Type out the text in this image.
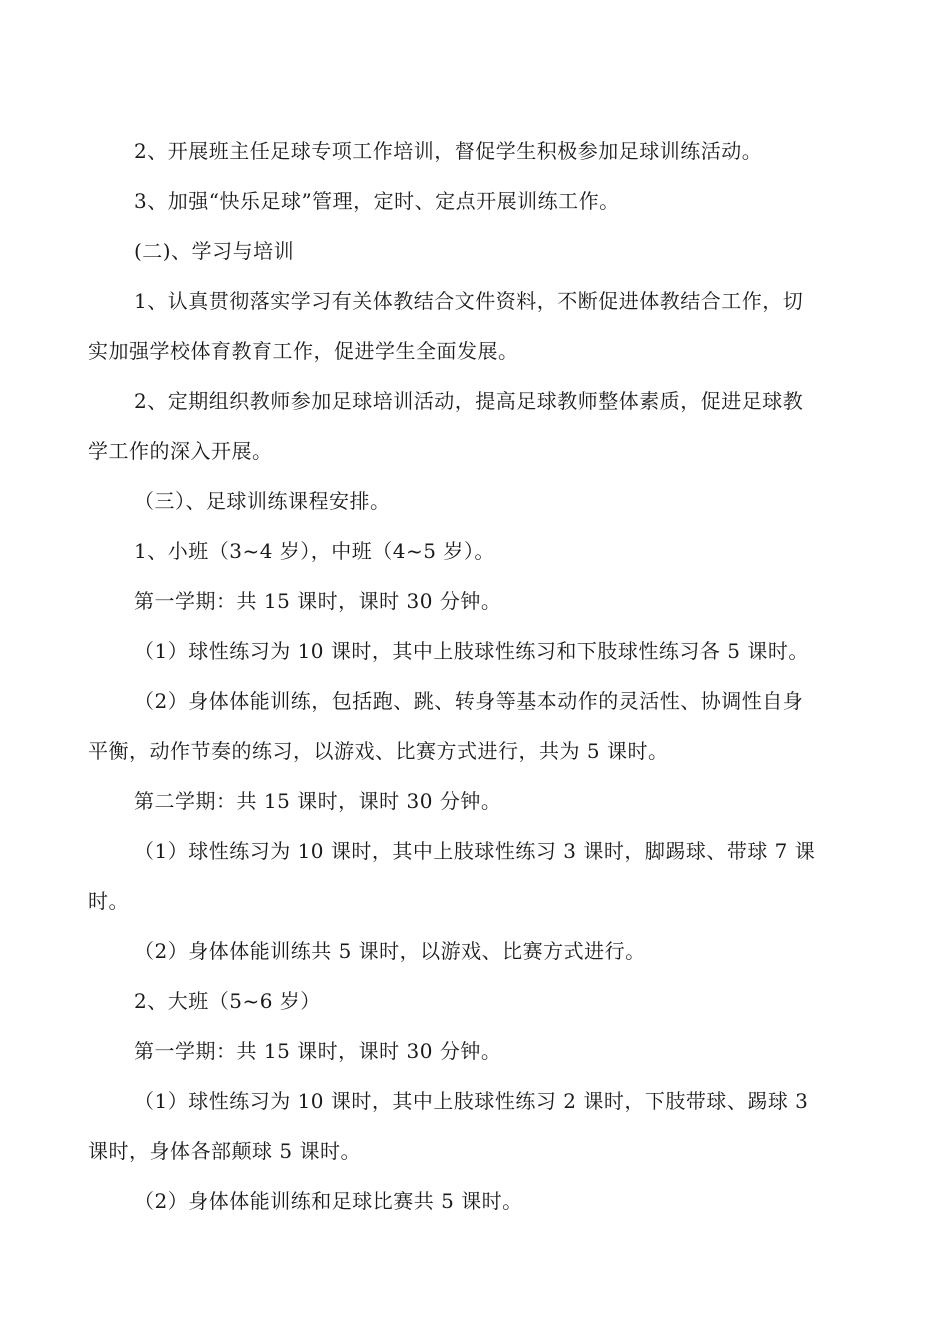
2、开展班主任足球专项工作培训，督促学生积极参加足球训练活动。

3、加强“快乐足球”管理，定时、定点开展训练工作。

(二)、学习与培训

1、认真贯彻落实学习有关体教结合文件资料，不断促进体教结合工作，切

实加强学校体育教育工作，促进学生全面发展。

2、定期组织教师参加足球培训活动，提高足球教师整体素质，促进足球教

学工作的深入开展。

（三）、足球训练课程安排。

1、小班（3~4 岁），中班（4~5 岁）。

第一学期：共 15 课时，课时 30 分钟。

（1）球性练习为 10 课时，其中上肢球性练习和下肢球性练习各 5 课时。

（2）身体体能训练，包括跑、跳、转身等基本动作的灵活性、协调性自身

平衡，动作节奏的练习，以游戏、比赛方式进行，共为 5 课时。

第二学期：共 15 课时，课时 30 分钟。

（1）球性练习为 10 课时，其中上肢球性练习 3 课时，脚踢球、带球 7 课

时。

（2）身体体能训练共 5 课时，以游戏、比赛方式进行。

2、大班（5~6 岁）

第一学期：共 15 课时，课时 30 分钟。

（1）球性练习为 10 课时，其中上肢球性练习 2 课时，下肢带球、踢球 3

课时，身体各部颠球 5 课时。

（2）身体体能训练和足球比赛共 5 课时。
